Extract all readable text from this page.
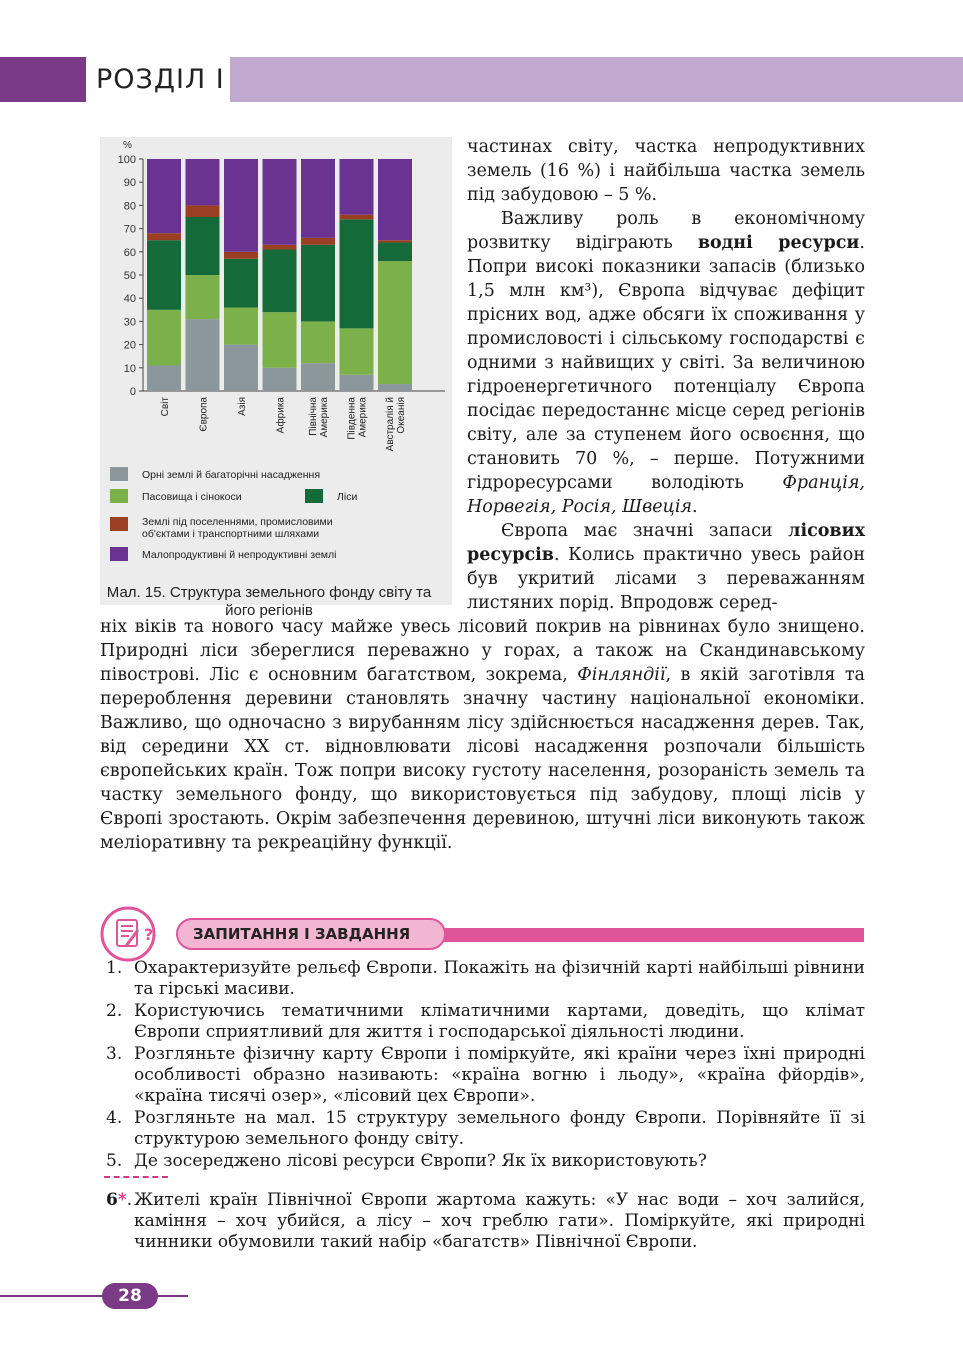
РОЗДІЛ I
%
0
10
20
30
40
50
60
70
80
90
100
Світ	Європа	Азія	Африка ПівнічнаАмерика ПівденнаАмерика Австралія йОкеанія
Орні землі й багаторічні насадження
Пасовища і сінокоси	Ліси
Землі під поселеннями, промисловими об'єктами і транспортними шляхами
Малопродуктивні й непродуктивні землі
Мал. 15. Структура земельного фонду світу та його регіонів

частинах світу, частка непродуктивних земель (16 %) і найбільша частка земель під забудовою – 5 %.

Важливу роль в економічному розвитку відіграють водні ресурси. Попри високі показники запасів (близько 1,5 млн км³), Європа відчуває дефіцит прісних вод, адже обсяги їх споживання у промисловості і сільському господарстві є одними з найвищих у світі. За величиною гідроенергетичного потенціалу Європа посідає передостаннє місце серед регіонів світу, але за ступенем його освоєння, що становить 70 %, – перше. Потужними гідроресурсами володіють Франція, Норвегія, Росія, Швеція.

Європа має значні запаси лісових ресурсів. Колись практично увесь район був укритий лісами з переважанням листяних порід. Впродовж серед-

ніх віків та нового часу майже увесь лісовий покрив на рівнинах було знищено. Природні ліси збереглися переважно у горах, а також на Скандинавському півострові. Ліс є основним багатством, зокрема, Фінляндії, в якій заготівля та перероблення деревини становлять значну частину національної економіки. Важливо, що одночасно з вирубанням лісу здійснюється насадження дерев. Так, від середини XX ст. відновлювати лісові насадження розпочали більшість європейських країн. Тож попри високу густоту населення, розораність земель та частку земельного фонду, що використовується під забудову, площі лісів у Європі зростають. Окрім забезпечення деревиною, штучні ліси виконують також меліоративну та рекреаційну функції.

ЗАПИТАННЯ І ЗАВДАННЯ
?
1. Охарактеризуйте рельєф Європи. Покажіть на фізичній карті найбільші рівнини та гірські масиви.
2. Користуючись тематичними кліматичними картами, доведіть, що клімат Європи сприятливий для життя і господарської діяльності людини.
3. Розгляньте фізичну карту Європи і поміркуйте, які країни через їхні природні особливості образно називають: «країна вогню і льоду», «країна фйордів», «країна тисячі озер», «лісовий цех Європи».
4. Розгляньте на мал. 15 структуру земельного фонду Європи. Порівняйте її зі структурою земельного фонду світу.
5. Де зосереджено лісові ресурси Європи? Як їх використовують?
6*. Жителі країн Північної Європи жартома кажуть: «У нас води – хоч залийся, каміння – хоч убийся, а лісу – хоч греблю гати». Поміркуйте, які природні чинники обумовили такий набір «багатств» Північної Європи.
28
